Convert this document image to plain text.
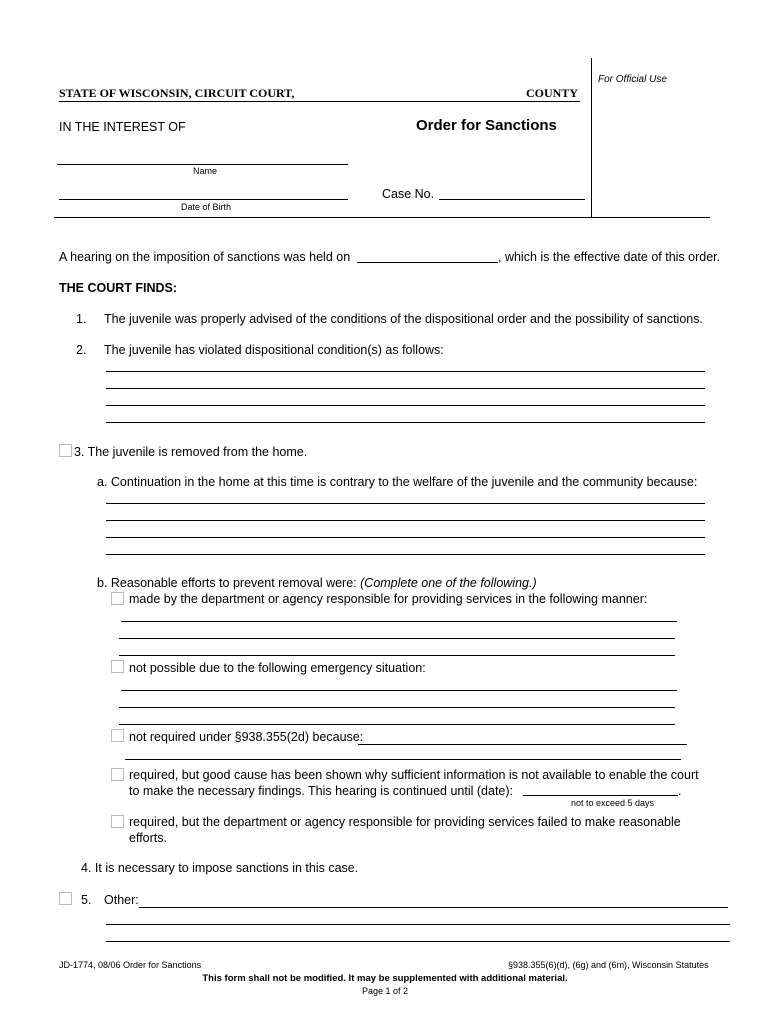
For Official Use
STATE OF WISCONSIN, CIRCUIT COURT,	COUNTY
IN THE INTEREST OF	Order for Sanctions
Name
Date of Birth
Case No.
A hearing on the imposition of sanctions was held on	, which is the effective date of this order.
THE COURT FINDS:
1. The juvenile was properly advised of the conditions of the dispositional order and the possibility of sanctions.
2. The juvenile has violated dispositional condition(s) as follows:
3. The juvenile is removed from the home.
a. Continuation in the home at this time is contrary to the welfare of the juvenile and the community because:
b. Reasonable efforts to prevent removal were: (Complete one of the following.)
made by the department or agency responsible for providing services in the following manner:
not possible due to the following emergency situation:
not required under §938.355(2d) because:
required, but good cause has been shown why sufficient information is not available to enable the court
to make the necessary findings. This hearing is continued until (date):	.
not to exceed 5 days
required, but the department or agency responsible for providing services failed to make reasonable
efforts.
4. It is necessary to impose sanctions in this case.
5. Other:
JD-1774, 08/06 Order for Sanctions	§938.355(6)(d), (6g) and (6m), Wisconsin Statutes
This form shall not be modified. It may be supplemented with additional material.
Page 1 of 2
